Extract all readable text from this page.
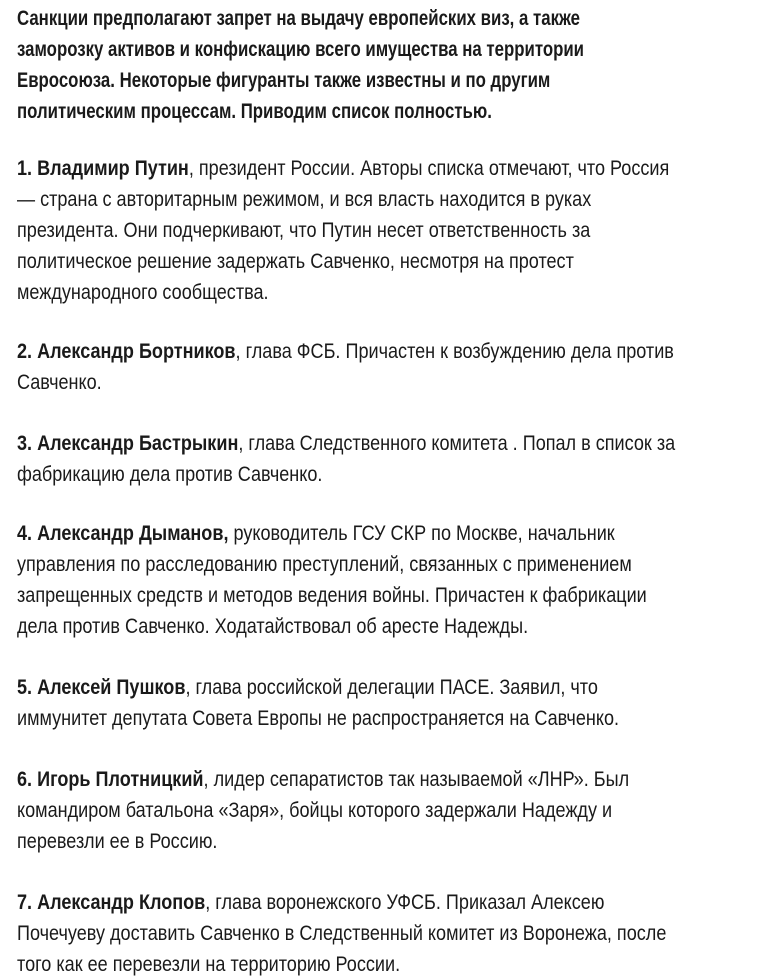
Санкции предполагают запрет на выдачу европейских виз, а также
заморозку активов и конфискацию всего имущества на территории
Евросоюза. Некоторые фигуранты также известны и по другим
политическим процессам. Приводим список полностью.
1. Владимир Путин, президент России. Авторы списка отмечают, что Россия
— страна с авторитарным режимом, и вся власть находится в руках
президента. Они подчеркивают, что Путин несет ответственность за
политическое решение задержать Савченко, несмотря на протест
международного сообщества.
2. Александр Бортников, глава ФСБ. Причастен к возбуждению дела против
Савченко.
3. Александр Бастрыкин, глава Следственного комитета . Попал в список за
фабрикацию дела против Савченко.
4. Александр Дыманов, руководитель ГСУ СКР по Москве, начальник
управления по расследованию преступлений, связанных с применением
запрещенных средств и методов ведения войны. Причастен к фабрикации
дела против Савченко. Ходатайствовал об аресте Надежды.
5. Алексей Пушков, глава российской делегации ПАСЕ. Заявил, что
иммунитет депутата Совета Европы не распространяется на Савченко.
6. Игорь Плотницкий, лидер сепаратистов так называемой «ЛНР». Был
командиром батальона «Заря», бойцы которого задержали Надежду и
перевезли ее в Россию.
7. Александр Клопов, глава воронежского УФСБ. Приказал Алексею
Почечуеву доставить Савченко в Следственный комитет из Воронежа, после
того как ее перевезли на территорию России.
